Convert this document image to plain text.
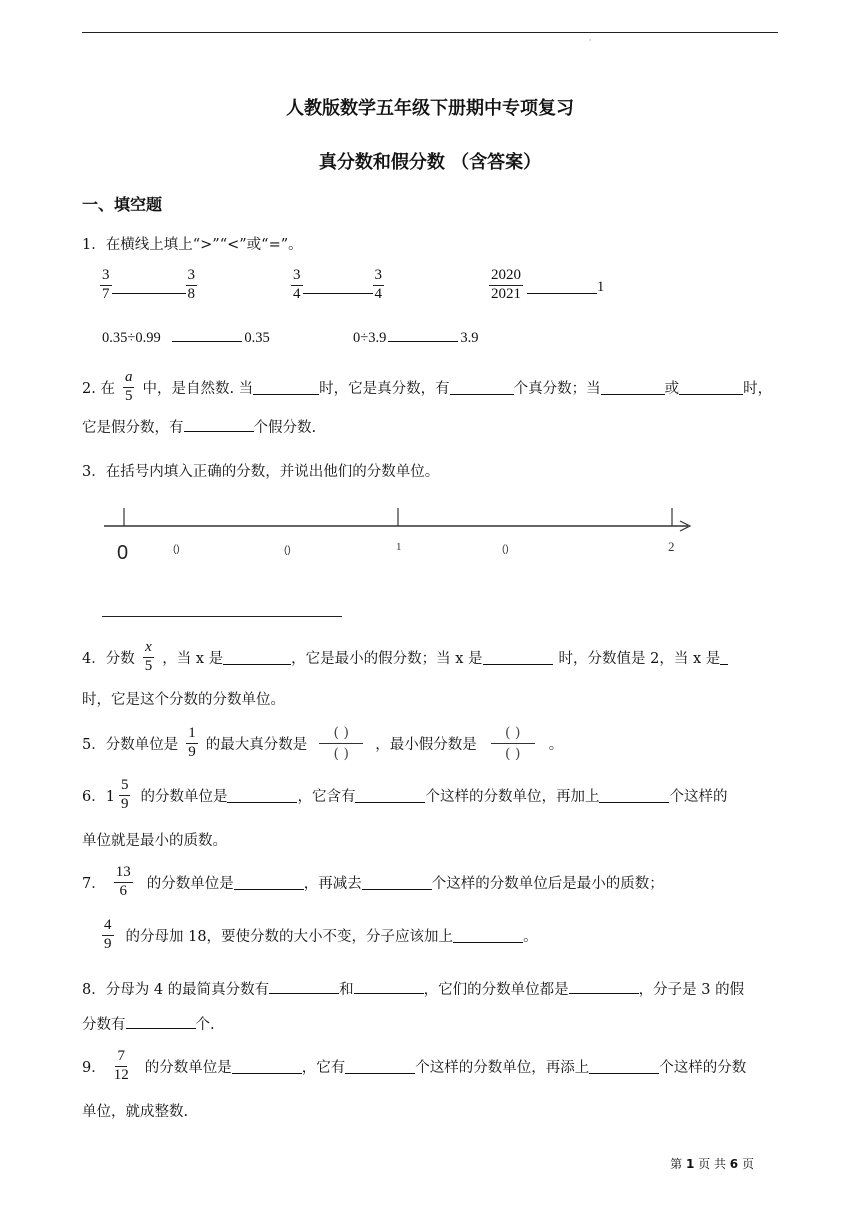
·
人教版数学五年级下册期中专项复习
真分数和假分数 （含答案）
一、填空题
1．在横线上填上“>”“<”或“=”。
$\frac{3}{7}$	$\frac{3}{8}$	$\frac{3}{4}$	$\frac{3}{4}$	$\frac{2020}{2021}$	1
0.35÷0.99	0.35	0÷3.9	3.9
2. 在 $\frac{a}{5}$ 中，是自然数. 当	时，它是真分数，有	个真分数；当	或	时，
它是假分数，有	个假分数.
3．在括号内填入正确的分数，并说出他们的分数单位。
0	()	()	1	()	2
4．分数 $\frac{x}{5}$ ，当 x 是	，它是最小的假分数；当 x 是	时，分数值是 2，当 x 是
时，它是这个分数的分数单位。
5．分数单位是 $\frac{1}{9}$ 的最大真分数是
( )
( )
，最小假分数是
( )
( )
。
6．$1 \frac{5}{9}$ 的分数单位是	，它含有	个这样的分数单位，再加上	个这样的
单位就是最小的质数。
7． $\frac{13}{6}$ 的分数单位是	，再减去	个这样的分数单位后是最小的质数；
$\frac{4}{9}$ 的分母加 18，要使分数的大小不变，分子应该加上	。
8．分母为 4 的最简真分数有	和	，它们的分数单位都是	，分子是 3 的假
分数有	个.
9． $\frac{7}{12}$ 的分数单位是	，它有	个这样的分数单位，再添上	个这样的分数
单位，就成整数.
第 1 页 共 6 页
